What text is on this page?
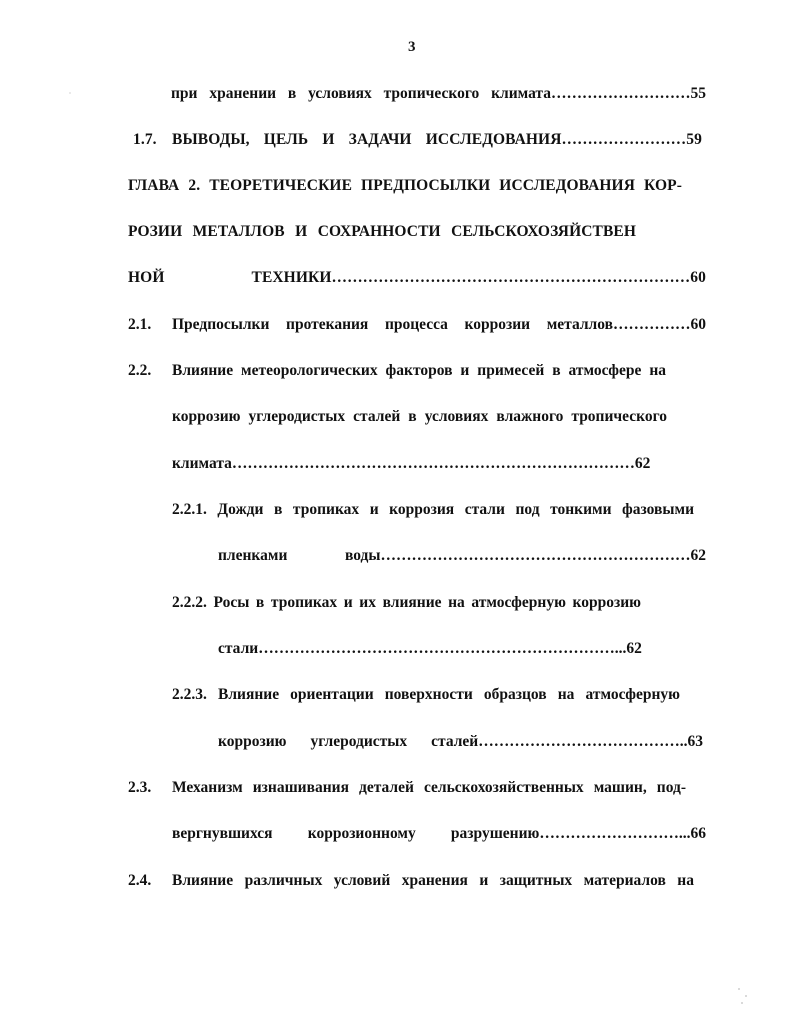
3
при хранении в условиях тропического климата………………………55
1.7. ВЫВОДЫ, ЦЕЛЬ И ЗАДАЧИ ИССЛЕДОВАНИЯ……………………59
ГЛАВА 2. ТЕОРЕТИЧЕСКИЕ ПРЕДПОСЫЛКИ ИССЛЕДОВАНИЯ КОР-
РОЗИИ МЕТАЛЛОВ И СОХРАННОСТИ СЕЛЬСКОХОЗЯЙСТВЕН
НОЙ ТЕХНИКИ……………………………………………………………60
2.1. Предпосылки протекания процесса коррозии металлов……………60
2.2. Влияние метеорологических факторов и примесей в атмосфере на
коррозию углеродистых сталей в условиях влажного тропического
климата……………………………………………………………………62
2.2.1. Дожди в тропиках и коррозия стали под тонкими фазовыми
пленками воды……………………………………………………62
2.2.2. Росы в тропиках и их влияние на атмосферную коррозию
стали……………………………………………………………...62
2.2.3. Влияние ориентации поверхности образцов на атмосферную
коррозию углеродистых сталей…………………………………..63
2.3. Механизм изнашивания деталей сельскохозяйственных машин, под-
вергнувшихся коррозионному разрушению………………………...66
2.4. Влияние различных условий хранения и защитных материалов на
